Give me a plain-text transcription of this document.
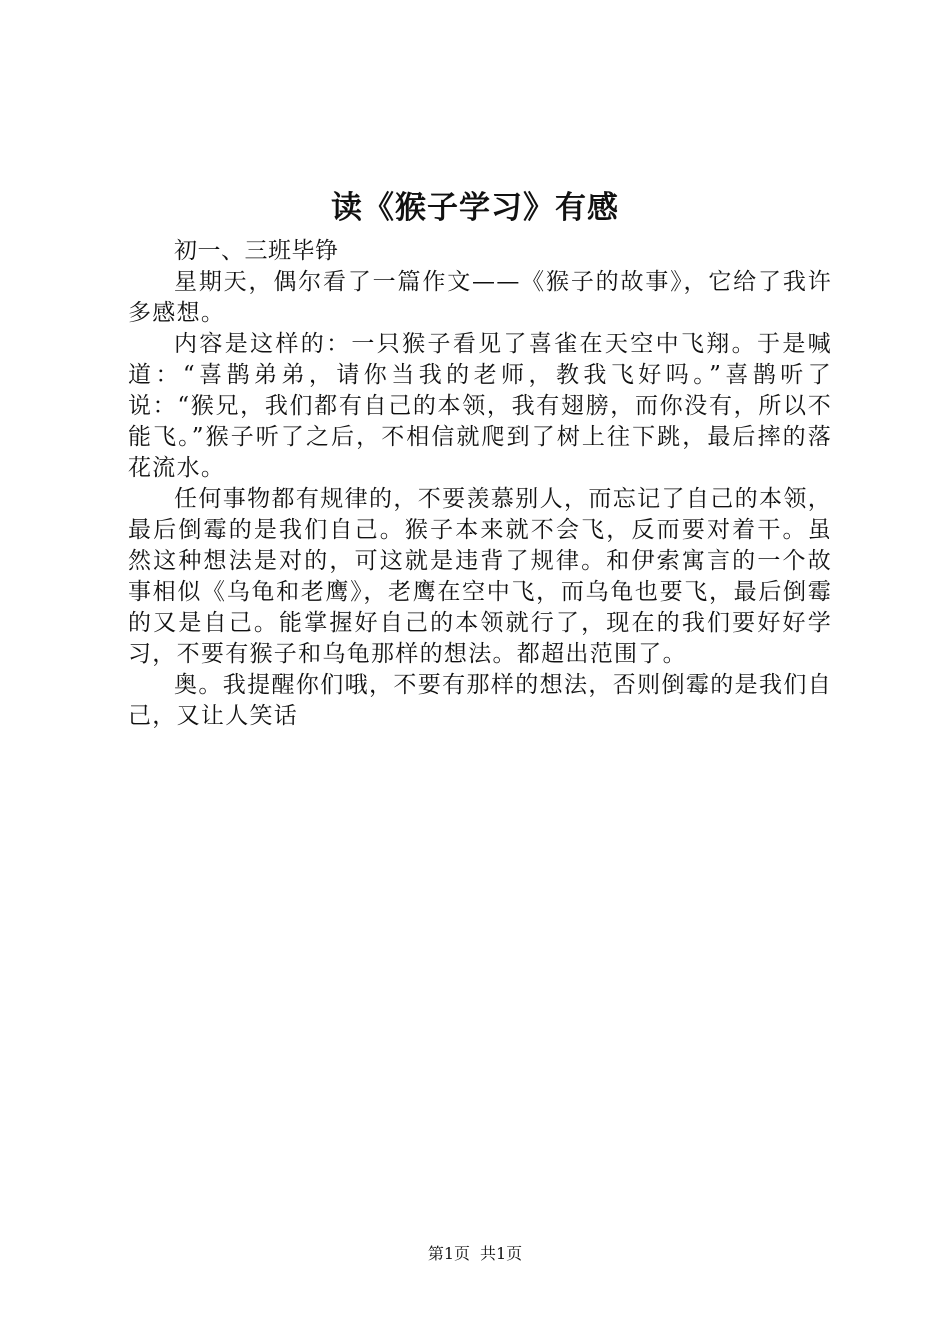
读《猴子学习》有感

初一、三班毕铮

星期天，偶尔看了一篇作文——《猴子的故事》，它给了我许多感想。

内容是这样的：一只猴子看见了喜雀在天空中飞翔。于是喊道：“喜鹊弟弟，请你当我的老师，教我飞好吗。”喜鹊听了说：“猴兄，我们都有自己的本领，我有翅膀，而你没有，所以不能飞。”猴子听了之后，不相信就爬到了树上往下跳，最后摔的落花流水。

任何事物都有规律的，不要羡慕别人，而忘记了自己的本领，最后倒霉的是我们自己。猴子本来就不会飞，反而要对着干。虽然这种想法是对的，可这就是违背了规律。和伊索寓言的一个故事相似《乌龟和老鹰》，老鹰在空中飞，而乌龟也要飞，最后倒霉的又是自己。能掌握好自己的本领就行了，现在的我们要好好学习，不要有猴子和乌龟那样的想法。都超出范围了。

奥。我提醒你们哦，不要有那样的想法，否则倒霉的是我们自己，又让人笑话

第1页 共1页
